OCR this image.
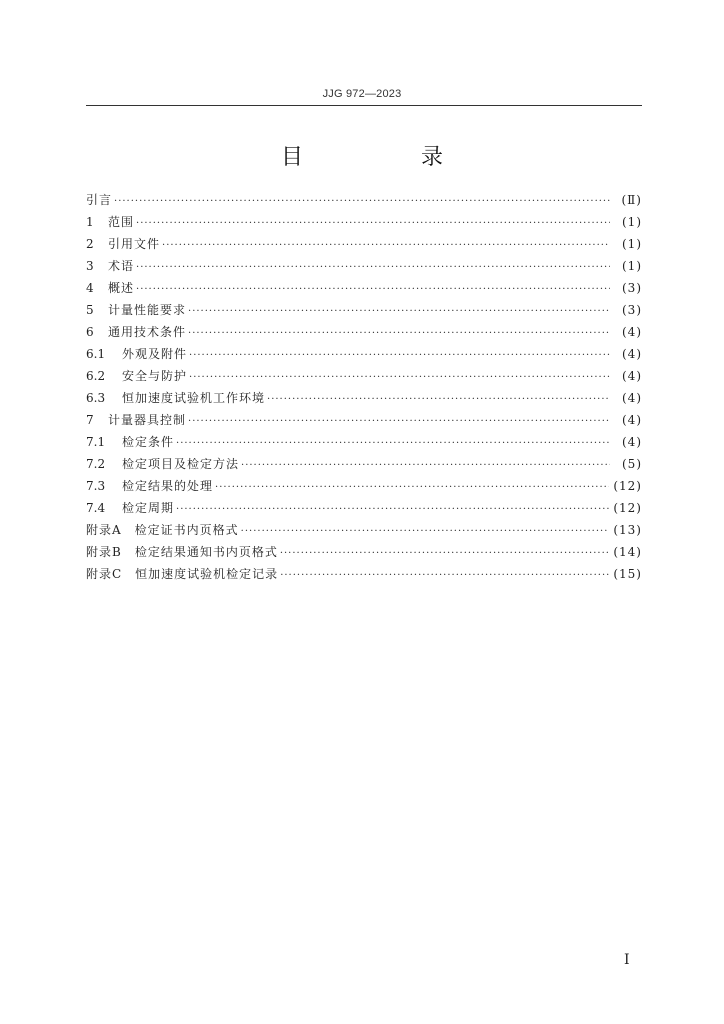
JJG 972—2023
目　录
引言 ·····	(Ⅱ)
1 范围 ·····	(1)
2 引用文件 ·····	(1)
3 术语 ·····	(1)
4 概述 ·····	(3)
5 计量性能要求 ·····	(3)
6 通用技术条件 ·····	(4)
6.1 外观及附件 ·····	(4)
6.2 安全与防护 ·····	(4)
6.3 恒加速度试验机工作环境 ·····	(4)
7 计量器具控制 ·····	(4)
7.1 检定条件 ·····	(4)
7.2 检定项目及检定方法 ·····	(5)
7.3 检定结果的处理 ·····	(12)
7.4 检定周期 ·····	(12)
附录A　检定证书内页格式 ·····	(13)
附录B　检定结果通知书内页格式 ·····	(14)
附录C　恒加速度试验机检定记录 ·····	(15)
I
